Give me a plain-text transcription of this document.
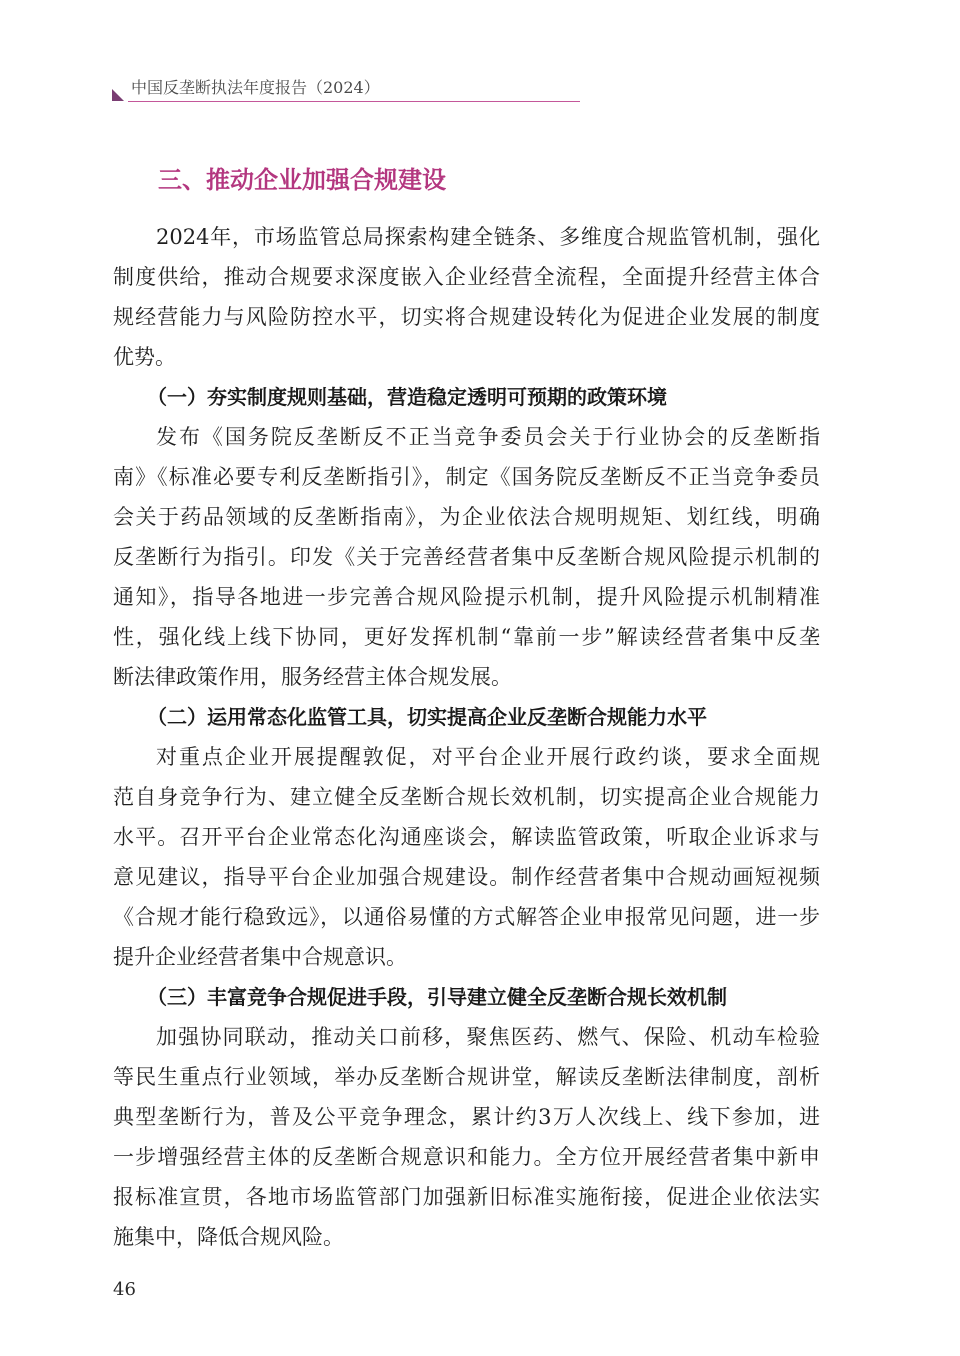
中国反垄断执法年度报告（2024）
三、推动企业加强合规建设
2024年，市场监管总局探索构建全链条、多维度合规监管机制，强化
制度供给，推动合规要求深度嵌入企业经营全流程，全面提升经营主体合
规经营能力与风险防控水平，切实将合规建设转化为促进企业发展的制度
优势。
（一）夯实制度规则基础，营造稳定透明可预期的政策环境
发布《国务院反垄断反不正当竞争委员会关于行业协会的反垄断指
南》《标准必要专利反垄断指引》，制定《国务院反垄断反不正当竞争委员
会关于药品领域的反垄断指南》，为企业依法合规明规矩、划红线，明确
反垄断行为指引。印发《关于完善经营者集中反垄断合规风险提示机制的
通知》，指导各地进一步完善合规风险提示机制，提升风险提示机制精准
性，强化线上线下协同，更好发挥机制“靠前一步”解读经营者集中反垄
断法律政策作用，服务经营主体合规发展。
（二）运用常态化监管工具，切实提高企业反垄断合规能力水平
对重点企业开展提醒敦促，对平台企业开展行政约谈，要求全面规
范自身竞争行为、建立健全反垄断合规长效机制，切实提高企业合规能力
水平。召开平台企业常态化沟通座谈会，解读监管政策，听取企业诉求与
意见建议，指导平台企业加强合规建设。制作经营者集中合规动画短视频
《合规才能行稳致远》，以通俗易懂的方式解答企业申报常见问题，进一步
提升企业经营者集中合规意识。
（三）丰富竞争合规促进手段，引导建立健全反垄断合规长效机制
加强协同联动，推动关口前移，聚焦医药、燃气、保险、机动车检验
等民生重点行业领域，举办反垄断合规讲堂，解读反垄断法律制度，剖析
典型垄断行为，普及公平竞争理念，累计约3万人次线上、线下参加，进
一步增强经营主体的反垄断合规意识和能力。全方位开展经营者集中新申
报标准宣贯，各地市场监管部门加强新旧标准实施衔接，促进企业依法实
施集中，降低合规风险。
46
